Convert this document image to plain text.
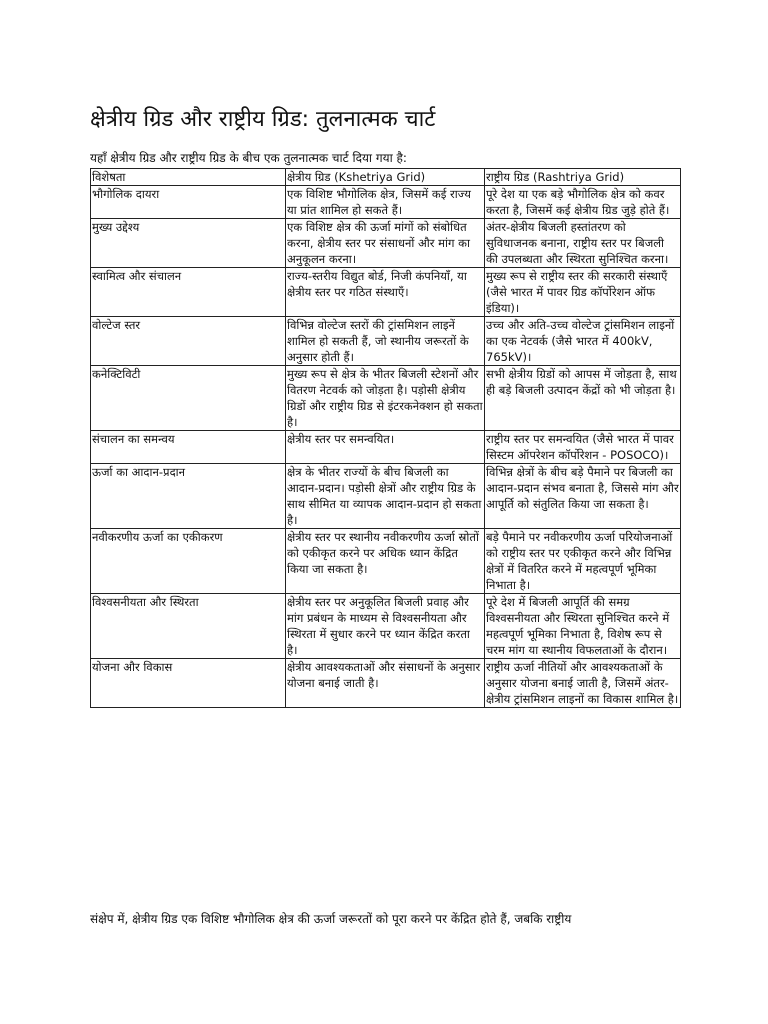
क्षेत्रीय ग्रिड और राष्ट्रीय ग्रिड: तुलनात्मक चार्ट

यहाँ क्षेत्रीय ग्रिड और राष्ट्रीय ग्रिड के बीच एक तुलनात्मक चार्ट दिया गया है:

विशेषता	क्षेत्रीय ग्रिड (Kshetriya Grid)	राष्ट्रीय ग्रिड (Rashtriya Grid)
भौगोलिक दायरा	एक विशिष्ट भौगोलिक क्षेत्र, जिसमें कई राज्य या प्रांत शामिल हो सकते हैं।	पूरे देश या एक बड़े भौगोलिक क्षेत्र को कवर करता है, जिसमें कई क्षेत्रीय ग्रिड जुड़े होते हैं।
मुख्य उद्देश्य	एक विशिष्ट क्षेत्र की ऊर्जा मांगों को संबोधित करना, क्षेत्रीय स्तर पर संसाधनों और मांग का अनुकूलन करना।	अंतर-क्षेत्रीय बिजली हस्तांतरण को सुविधाजनक बनाना, राष्ट्रीय स्तर पर बिजली की उपलब्धता और स्थिरता सुनिश्चित करना।
स्वामित्व और संचालन	राज्य-स्तरीय विद्युत बोर्ड, निजी कंपनियाँ, या क्षेत्रीय स्तर पर गठित संस्थाएँ।	मुख्य रूप से राष्ट्रीय स्तर की सरकारी संस्थाएँ (जैसे भारत में पावर ग्रिड कॉर्पोरेशन ऑफ इंडिया)।
वोल्टेज स्तर	विभिन्न वोल्टेज स्तरों की ट्रांसमिशन लाइनें शामिल हो सकती हैं, जो स्थानीय जरूरतों के अनुसार होती हैं।	उच्च और अति-उच्च वोल्टेज ट्रांसमिशन लाइनों का एक नेटवर्क (जैसे भारत में 400kV, 765kV)।
कनेक्टिविटी	मुख्य रूप से क्षेत्र के भीतर बिजली स्टेशनों और वितरण नेटवर्क को जोड़ता है। पड़ोसी क्षेत्रीय ग्रिडों और राष्ट्रीय ग्रिड से इंटरकनेक्शन हो सकता है।	सभी क्षेत्रीय ग्रिडों को आपस में जोड़ता है, साथ ही बड़े बिजली उत्पादन केंद्रों को भी जोड़ता है।
संचालन का समन्वय	क्षेत्रीय स्तर पर समन्वयित।	राष्ट्रीय स्तर पर समन्वयित (जैसे भारत में पावर सिस्टम ऑपरेशन कॉर्पोरेशन - POSOCO)।
ऊर्जा का आदान-प्रदान	क्षेत्र के भीतर राज्यों के बीच बिजली का आदान-प्रदान। पड़ोसी क्षेत्रों और राष्ट्रीय ग्रिड के साथ सीमित या व्यापक आदान-प्रदान हो सकता है।	विभिन्न क्षेत्रों के बीच बड़े पैमाने पर बिजली का आदान-प्रदान संभव बनाता है, जिससे मांग और आपूर्ति को संतुलित किया जा सकता है।
नवीकरणीय ऊर्जा का एकीकरण	क्षेत्रीय स्तर पर स्थानीय नवीकरणीय ऊर्जा स्रोतों को एकीकृत करने पर अधिक ध्यान केंद्रित किया जा सकता है।	बड़े पैमाने पर नवीकरणीय ऊर्जा परियोजनाओं को राष्ट्रीय स्तर पर एकीकृत करने और विभिन्न क्षेत्रों में वितरित करने में महत्वपूर्ण भूमिका निभाता है।
विश्वसनीयता और स्थिरता	क्षेत्रीय स्तर पर अनुकूलित बिजली प्रवाह और मांग प्रबंधन के माध्यम से विश्वसनीयता और स्थिरता में सुधार करने पर ध्यान केंद्रित करता है।	पूरे देश में बिजली आपूर्ति की समग्र विश्वसनीयता और स्थिरता सुनिश्चित करने में महत्वपूर्ण भूमिका निभाता है, विशेष रूप से चरम मांग या स्थानीय विफलताओं के दौरान।
योजना और विकास	क्षेत्रीय आवश्यकताओं और संसाधनों के अनुसार योजना बनाई जाती है।	राष्ट्रीय ऊर्जा नीतियों और आवश्यकताओं के अनुसार योजना बनाई जाती है, जिसमें अंतर-क्षेत्रीय ट्रांसमिशन लाइनों का विकास शामिल है।

संक्षेप में, क्षेत्रीय ग्रिड एक विशिष्ट भौगोलिक क्षेत्र की ऊर्जा जरूरतों को पूरा करने पर केंद्रित होते हैं, जबकि राष्ट्रीय
